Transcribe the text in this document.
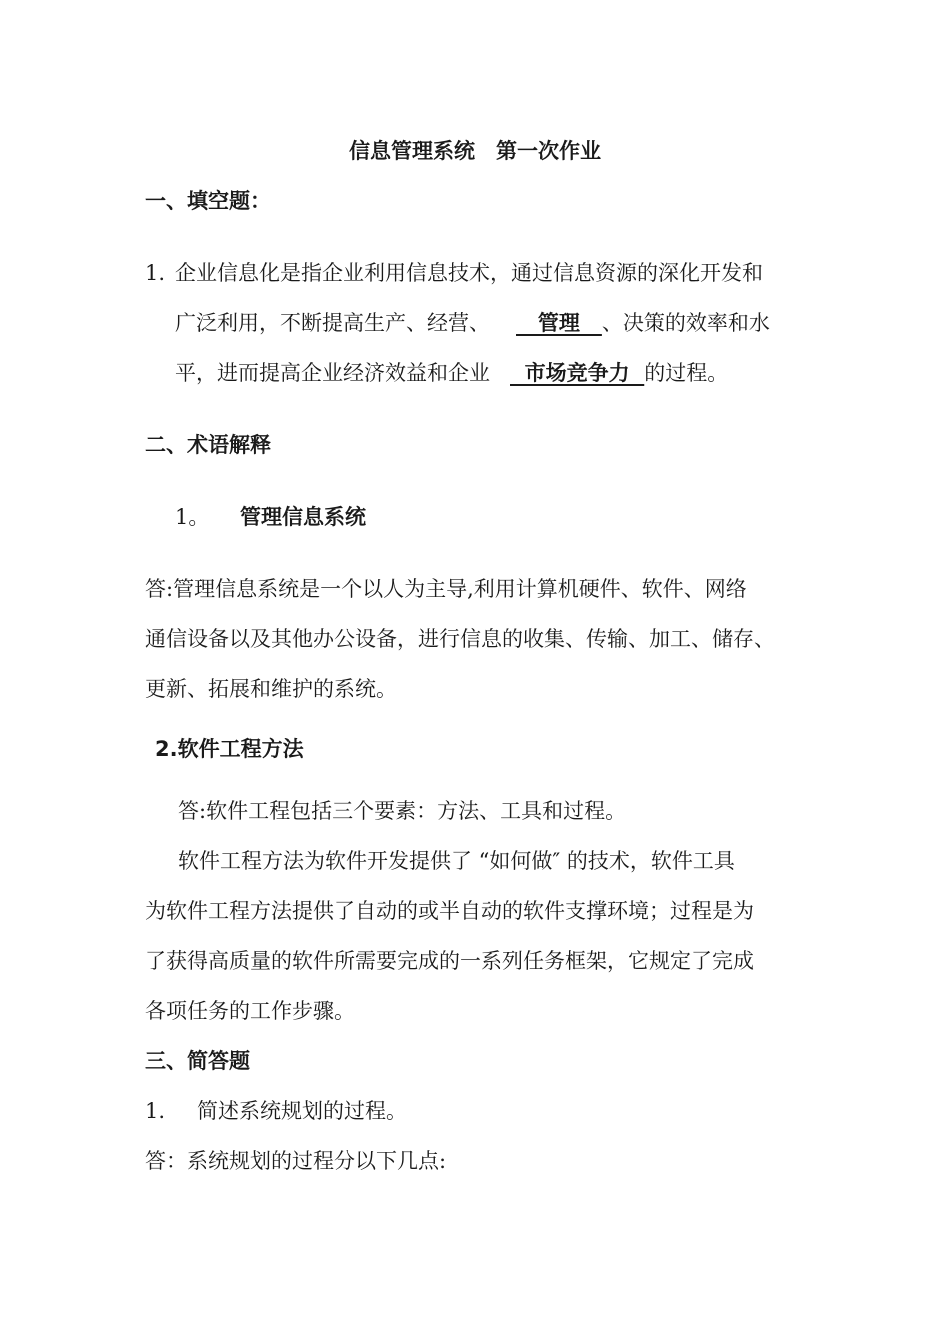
信息管理系统　第一次作业
一、填空题：
1. 企业信息化是指企业利用信息技术，通过信息资源的深化开发和
广泛利用，不断提高生产、经营、   管理   、决策的效率和水
平，进而提高企业经济效益和企业  市场竞争力  的过程。
二、术语解释
1。 管理信息系统
答:管理信息系统是一个以人为主导,利用计算机硬件、软件、网络
通信设备以及其他办公设备，进行信息的收集、传输、加工、储存、
更新、拓展和维护的系统。
2.软件工程方法
答:软件工程包括三个要素：方法、工具和过程。
软件工程方法为软件开发提供了 “如何做″ 的技术，软件工具
为软件工程方法提供了自动的或半自动的软件支撑环境；过程是为
了获得高质量的软件所需要完成的一系列任务框架，它规定了完成
各项任务的工作步骤。
三、简答题
1. 简述系统规划的过程。
答：系统规划的过程分以下几点:
